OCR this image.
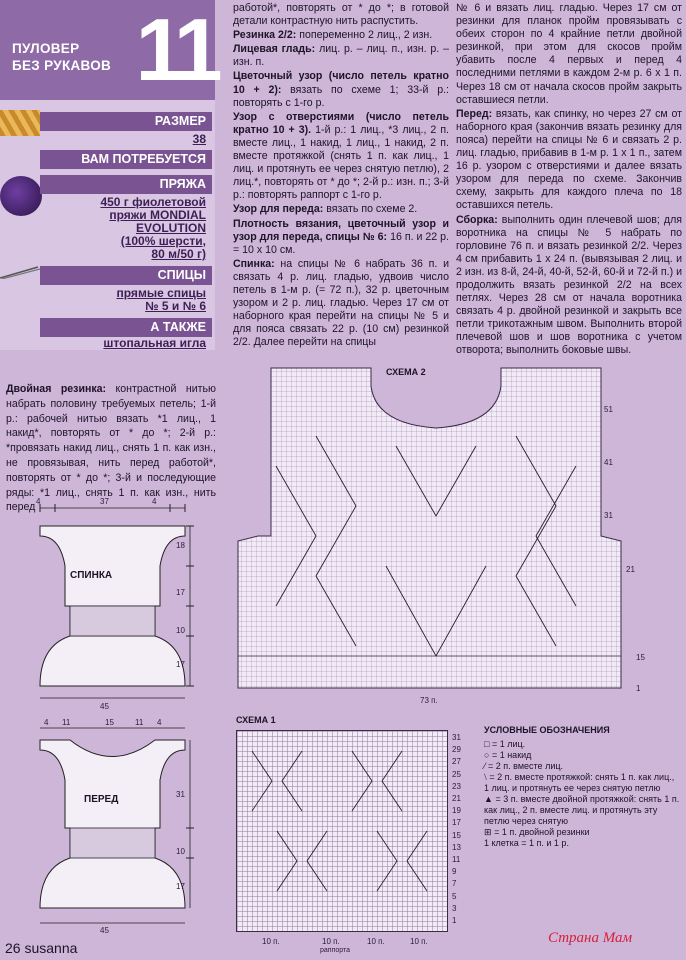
ПУЛОВЕР
БЕЗ РУКАВОВ 11
РАЗМЕР
38
ВАМ ПОТРЕБУЕТСЯ
ПРЯЖА
450 г фиолетовой
пряжи MONDIAL
EVOLUTION
(100% шерсти,
80 м/50 г)
СПИЦЫ
прямые спицы
№ 5 и № 6
А ТАКЖЕ
штопальная игла

работой*, повторять от * до *; в готовой детали контрастную нить распустить.

Резинка 2/2: попеременно 2 лиц., 2 изн.

Лицевая гладь: лиц. р. – лиц. п., изн. р. – изн. п.

Цветочный узор (число петель кратно 10 + 2): вязать по схеме 1; 33-й р.: повторять с 1-го р.

Узор с отверстиями (число петель кратно 10 + 3). 1-й р.: 1 лиц., *3 лиц., 2 п. вместе лиц., 1 накид, 1 лиц., 1 накид, 2 п. вместе протяжкой (снять 1 п. как лиц., 1 лиц. и протянуть ее через снятую петлю), 2 лиц.*, повторять от * до *; 2-й р.: изн. п.; 3-й р.: повторять раппорт с 1-го р.

Узор для переда: вязать по схеме 2.

Плотность вязания, цветочный узор и узор для переда, спицы № 6: 16 п. и 22 р. = 10 х 10 см.

Спинка: на спицы № 6 набрать 36 п. и связать 4 р. лиц. гладью, удвоив число петель в 1-м р. (= 72 п.), 32 р. цветочным узором и 2 р. лиц. гладью. Через 17 см от наборного края перейти на спицы № 5 и для пояса связать 22 р. (10 см) резинкой 2/2. Далее перейти на спицы

№ 6 и вязать лиц. гладью. Через 17 см от резинки для планок пройм провязывать с обеих сторон по 4 крайние петли двойной резинкой, при этом для скосов пройм убавить после 4 первых и перед 4 последними петлями в каждом 2-м р. 6 х 1 п. Через 18 см от начала скосов пройм закрыть оставшиеся петли.

Перед: вязать, как спинку, но через 27 см от наборного края (закончив вязать резинку для пояса) перейти на спицы № 6 и связать 2 р. лиц. гладью, прибавив в 1-м р. 1 х 1 п., затем 16 р. узором с отверстиями и далее вязать узором для переда по схеме. Закончив схему, закрыть для каждого плеча по 18 оставшихся петель.

Сборка: выполнить один плечевой шов; для воротника на спицы № 5 набрать по горловине 76 п. и вязать резинкой 2/2. Через 4 см прибавить 1 х 24 п. (вывязывая 2 лиц. и 2 изн. из 8-й, 24-й, 40-й, 52-й, 60-й и 72-й п.) и продолжить вязать резинкой 2/2 на всех петлях. Через 28 см от начала воротника связать 4 р. двойной резинкой и закрыть все петли трикотажным швом. Выполнить второй плечевой шов и шов воротника с учетом отворота; выполнить боковые швы.

Двойная резинка: контрастной нитью набрать половину требуемых петель; 1-й р.: рабочей нитью вязать *1 лиц., 1 накид*, повторять от * до *; 2-й р.: *провязать накид лиц., снять 1 п. как изн., не провязывая, нить перед работой*, повторять от * до *; 3-й и последующие ряды: *1 лиц., снять 1 п. как изн., нить перед 4	37	4
18
17
10
17
45
СПИНКА
4 11	15	11 4
31
10
17
45
ПЕРЕД
СХЕМА 2
51
41
31
21
15
1
73 п.
СХЕМА 1
31
29
27
25
23
21
19
17
15
13
11
9
7
5
3
1
10 п.	10 п.	10 п.	10 п.
раппорта
УСЛОВНЫЕ ОБОЗНАЧЕНИЯ
□ = 1 лиц.
○ = 1 накид
⁄ = 2 п. вместе лиц.
⧵ = 2 п. вместе протяжкой: снять 1 п. как лиц., 1 лиц. и протянуть ее через снятую петлю
▲ = 3 п. вместе двойной протяжкой: снять 1 п. как лиц., 2 п. вместе лиц. и протянуть эту петлю через снятую
⊞ = 1 п. двойной резинки
1 клетка = 1 п. и 1 р.
26 susanna
Страна Мам
